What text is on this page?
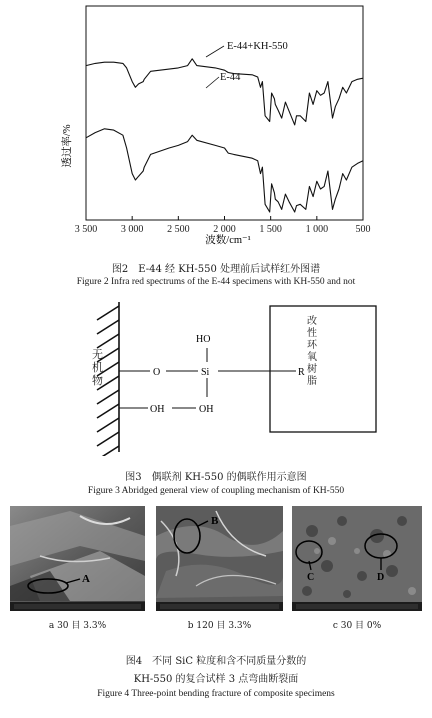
3 500 3 000 2 500 2 000 1 500 1 000	500
E-44+KH-550
E-44
透过率/%
波数/cm⁻¹
图2　E-44 经 KH-550 处理前后试样红外图谱
Figure 2 Infra red spectrums of the E-44 specimens with KH-550 and not
HO
O	Si	R
OH	OH
无机物
改性环氧树脂
图3　偶联剂 KH-550 的偶联作用示意图
Figure 3 Abridged general view of coupling mechanism of KH-550
A
B
C	D
a 30 目 3.3%	b 120 目 3.3%	c 30 目 0%
图4　不同 SiC 粒度和含不同质量分数的
KH-550 的复合试样 3 点弯曲断裂面
Figure 4 Three-point bending fracture of composite specimens
